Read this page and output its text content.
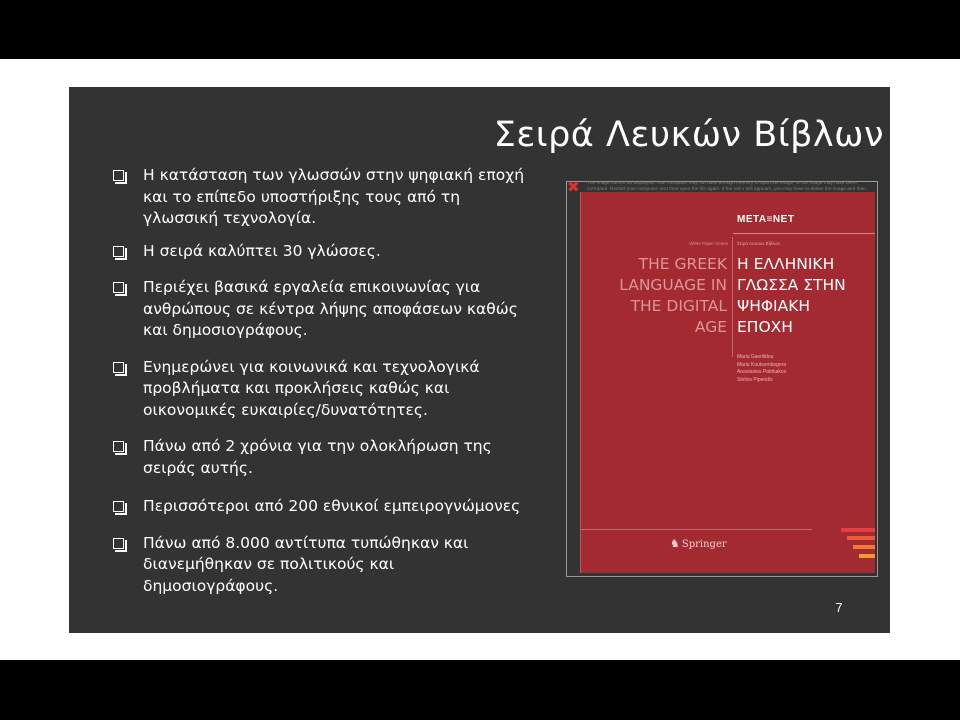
Σειρά Λευκών Βίβλων
Η κατάσταση των γλωσσών στην ψηφιακή εποχή
και το επίπεδο υποστήριξης τους από τη
γλωσσική τεχνολογία.
Η σειρά καλύπτει 30 γλώσσες.
Περιέχει βασικά εργαλεία επικοινωνίας για
ανθρώπους σε κέντρα λήψης αποφάσεων καθώς
και δημοσιογράφους.
Ενημερώνει για κοινωνικά και τεχνολογικά
προβλήματα και προκλήσεις καθώς και
οικονομικές ευκαιρίες/δυνατότητες.
Πάνω από 2 χρόνια για την ολοκλήρωση της
σειράς αυτής.
Περισσότεροι από 200 εθνικοί εμπειρογνώμονες
Πάνω από 8.000 αντίτυπα τυπώθηκαν και
διανεμήθηκαν σε πολιτικούς και
δημοσιογράφους.
✖ The image cannot be displayed. Your computer may not have enough memory to open the image, or the image may have been corrupted. Restart your computer, and then open the file again. If the red x still appears, you may have to delete the image and then
META≡NET
White Paper Series Σειρά Λευκών Βίβλων
THE GREEK
LANGUAGE IN
THE DIGITAL
AGE
Η ΕΛΛΗΝΙΚΗ
ΓΛΩΣΣΑ ΣΤΗΝ
ΨΗΦΙΑΚΗ
ΕΠΟΧΗ
Maria Gavrilidou
Maria Koutsombogera
Anastasios Patrikakos
Stelios Piperidis
♞ Springer
7
